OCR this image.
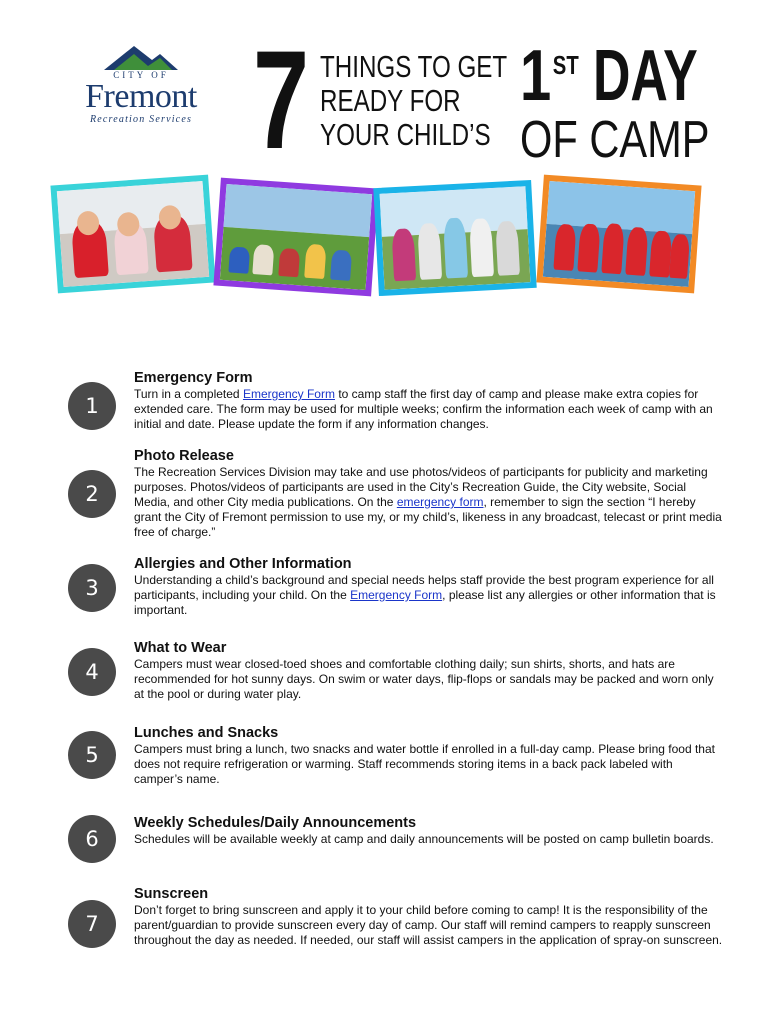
CITY OF
Fremont
Recreation Services 7 THINGS TO GET
READY FOR
YOUR CHILD’S
1ST DAY
OF CAMP
1
Emergency Form
Turn in a completed Emergency Form to camp staff the first day of camp and please make extra copies for extended care. The form may be used for multiple weeks; confirm the information each week of camp with an initial and date. Please update the form if any information changes.
2
Photo Release
The Recreation Services Division may take and use photos/videos of participants for publicity and marketing purposes. Photos/videos of participants are used in the City’s Recreation Guide, the City website, Social Media, and other City media publications. On the emergency form, remember to sign the section “I hereby grant the City of Fremont permission to use my, or my child’s, likeness in any broadcast, telecast or print media free of charge.”
3
Allergies and Other Information
Understanding a child’s background and special needs helps staff provide the best program experience for all participants, including your child. On the Emergency Form, please list any allergies or other information that is important.
4
What to Wear
Campers must wear closed-toed shoes and comfortable clothing daily; sun shirts, shorts, and hats are recommended for hot sunny days. On swim or water days, flip-flops or sandals may be packed and worn only at the pool or during water play.
5
Lunches and Snacks
Campers must bring a lunch, two snacks and water bottle if enrolled in a full-day camp. Please bring food that does not require refrigeration or warming. Staff recommends storing items in a back pack labeled with camper’s name.
6
Weekly Schedules/Daily Announcements
Schedules will be available weekly at camp and daily announcements will be posted on camp bulletin boards.
7
Sunscreen
Don’t forget to bring sunscreen and apply it to your child before coming to camp! It is the responsibility of the parent/guardian to provide sunscreen every day of camp. Our staff will remind campers to reapply sunscreen throughout the day as needed. If needed, our staff will assist campers in the application of spray-on sunscreen.
